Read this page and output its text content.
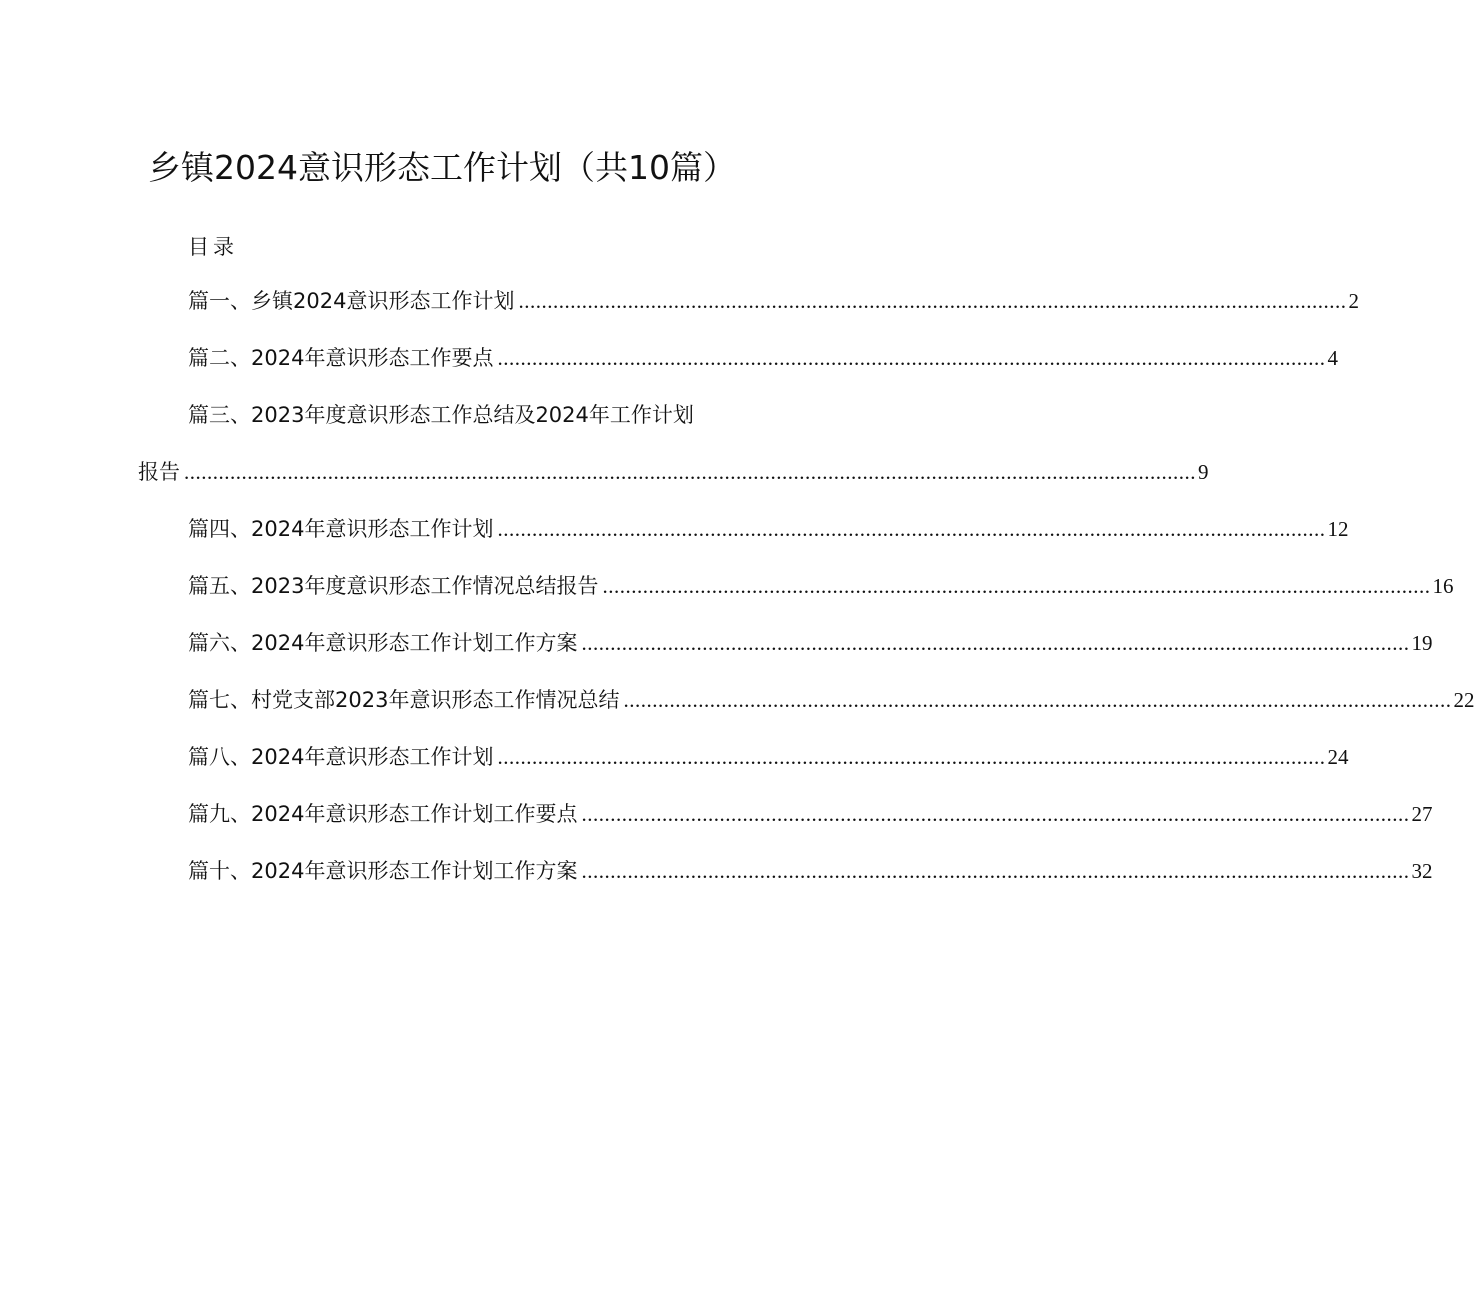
乡镇2024意识形态工作计划（共10篇）
目录
篇一、乡镇2024意识形态工作计划 ................................................................................................................................................ 2
篇二、2024年意识形态工作要点 ................................................................................................................................................ 4
篇三、2023年度意识形态工作总结及2024年工作计划
报告 ................................................................................................................................................................................ 9
篇四、2024年意识形态工作计划 ................................................................................................................................................ 12
篇五、2023年度意识形态工作情况总结报告 ................................................................................................................................................ 16
篇六、2024年意识形态工作计划工作方案 ................................................................................................................................................ 19
篇七、村党支部2023年意识形态工作情况总结 ................................................................................................................................................ 22
篇八、2024年意识形态工作计划 ................................................................................................................................................ 24
篇九、2024年意识形态工作计划工作要点 ................................................................................................................................................ 27
篇十、2024年意识形态工作计划工作方案 ................................................................................................................................................ 32
